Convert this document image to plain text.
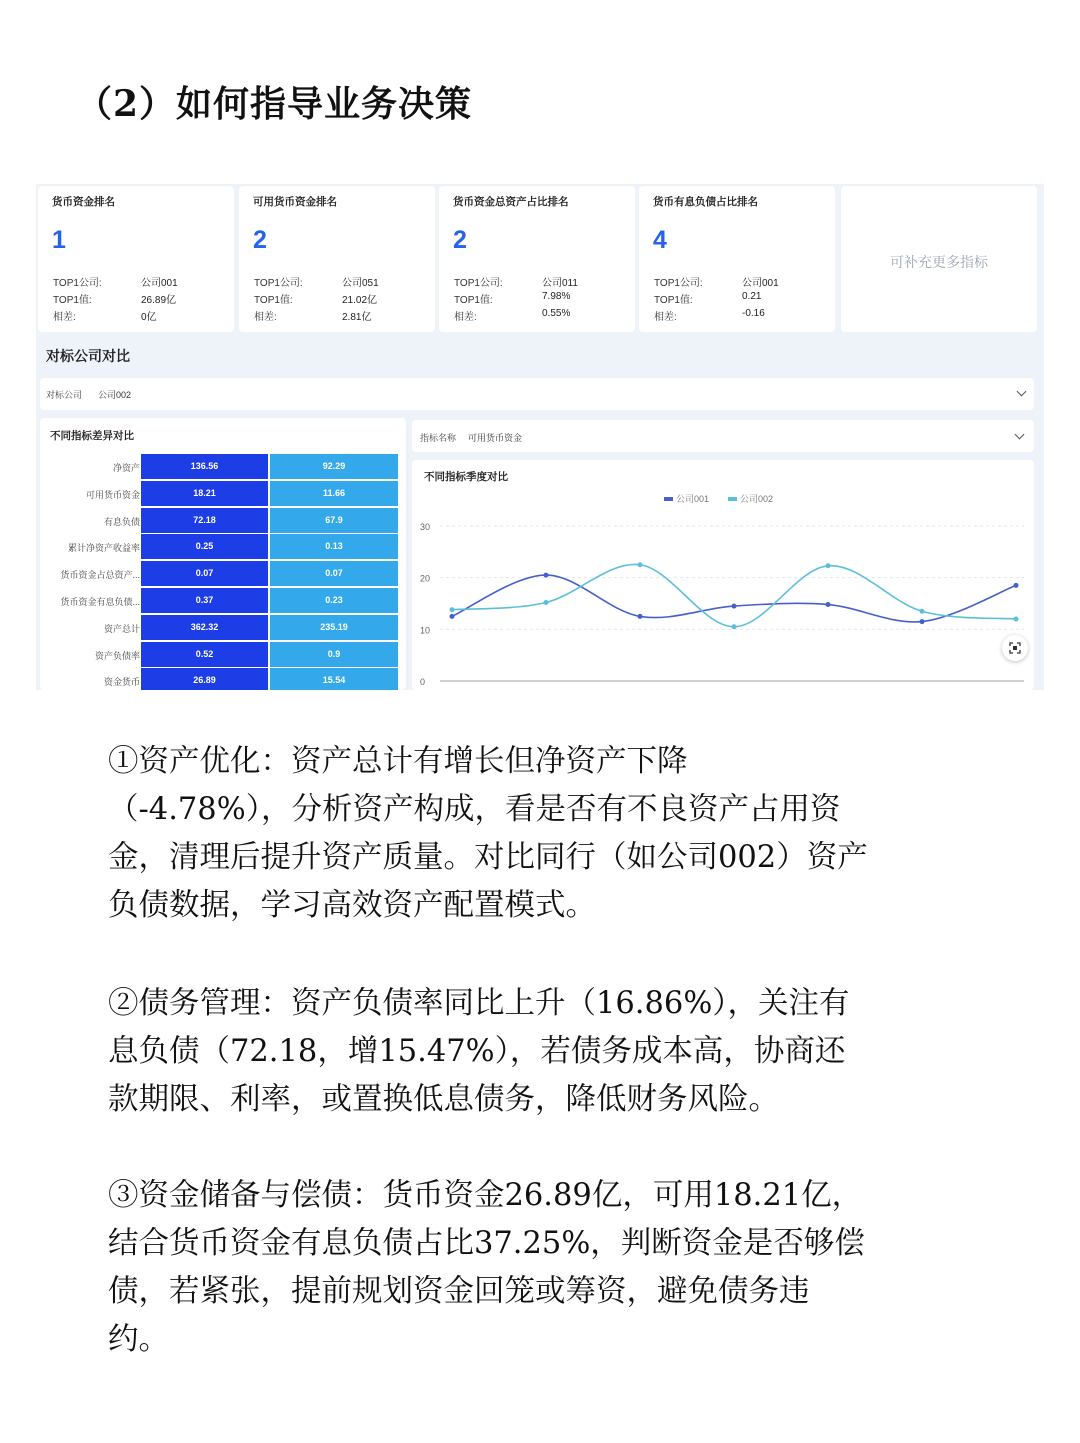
（2）如何指导业务决策
货币资金排名
1
TOP1公司:	公司001
TOP1值:	26.89亿
相差:	0亿
可用货币资金排名
2
TOP1公司:	公司051
TOP1值:	21.02亿
相差:	2.81亿
货币资金总资产占比排名
2
TOP1公司:	公司011
TOP1值:	7.98%
相差:	0.55%
货币有息负债占比排名
4
TOP1公司:	公司001
TOP1值:	0.21
相差:	-0.16
可补充更多指标
对标公司对比
对标公司 公司002
不同指标差异对比
净资产	136.56	92.29
可用货币资金	18.21	11.66
有息负债	72.18	67.9
累计净资产收益率	0.25	0.13
货币资金占总资产...	0.07	0.07
货币资金有息负债...	0.37	0.23
资产总计	362.32	235.19
资产负债率	0.52	0.9
资金货币	26.89	15.54
指标名称 可用货币资金
不同指标季度对比
30
20
10
0
公司001	公司002
①资产优化：资产总计有增长但净资产下降
（-4.78%），分析资产构成，看是否有不良资产占用资
金，清理后提升资产质量。对比同行（如公司002）资产
负债数据，学习高效资产配置模式。
②债务管理：资产负债率同比上升（16.86%），关注有
息负债（72.18，增15.47%），若债务成本高，协商还
款期限、利率，或置换低息债务，降低财务风险。
③资金储备与偿债：货币资金26.89亿，可用18.21亿，
结合货币资金有息负债占比37.25%，判断资金是否够偿
债，若紧张，提前规划资金回笼或筹资，避免债务违
约。
